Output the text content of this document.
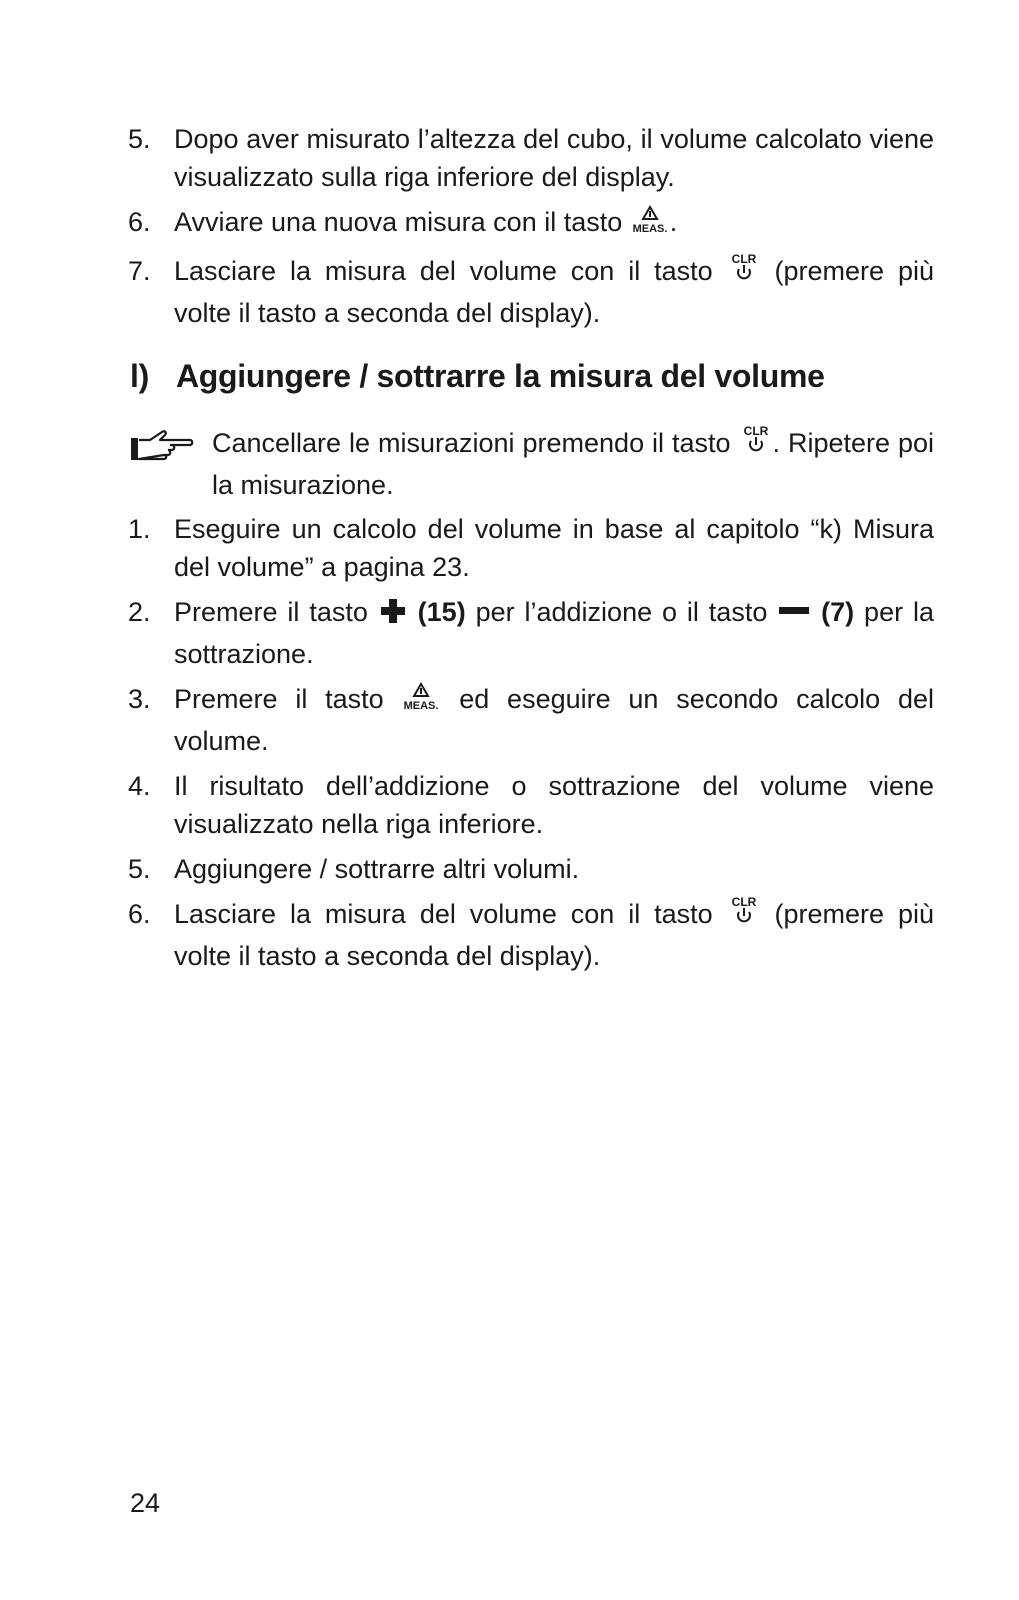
5. Dopo aver misurato l’altezza del cubo, il volume calcolato viene visualizzato sulla riga inferiore del display.
6. Avviare una nuova misura con il tasto MEAS. .
7. Lasciare la misura del volume con il tasto CLR (premere più volte il tasto a seconda del display).
l) Aggiungere / sottrarre la misura del volume
Cancellare le misurazioni premendo il tasto CLR . Ripetere poi la misurazione.
1. Eseguire un calcolo del volume in base al capitolo “k) Misura del volume” a pagina 23.
2. Premere il tasto  (15) per l’addizione o il tasto  (7) per la sottrazione.
3. Premere il tasto MEAS. ed eseguire un secondo calcolo del volume.
4. Il risultato dell’addizione o sottrazione del volume viene visualizzato nella riga inferiore.
5. Aggiungere / sottrarre altri volumi.
6. Lasciare la misura del volume con il tasto CLR (premere più volte il tasto a seconda del display).
24
